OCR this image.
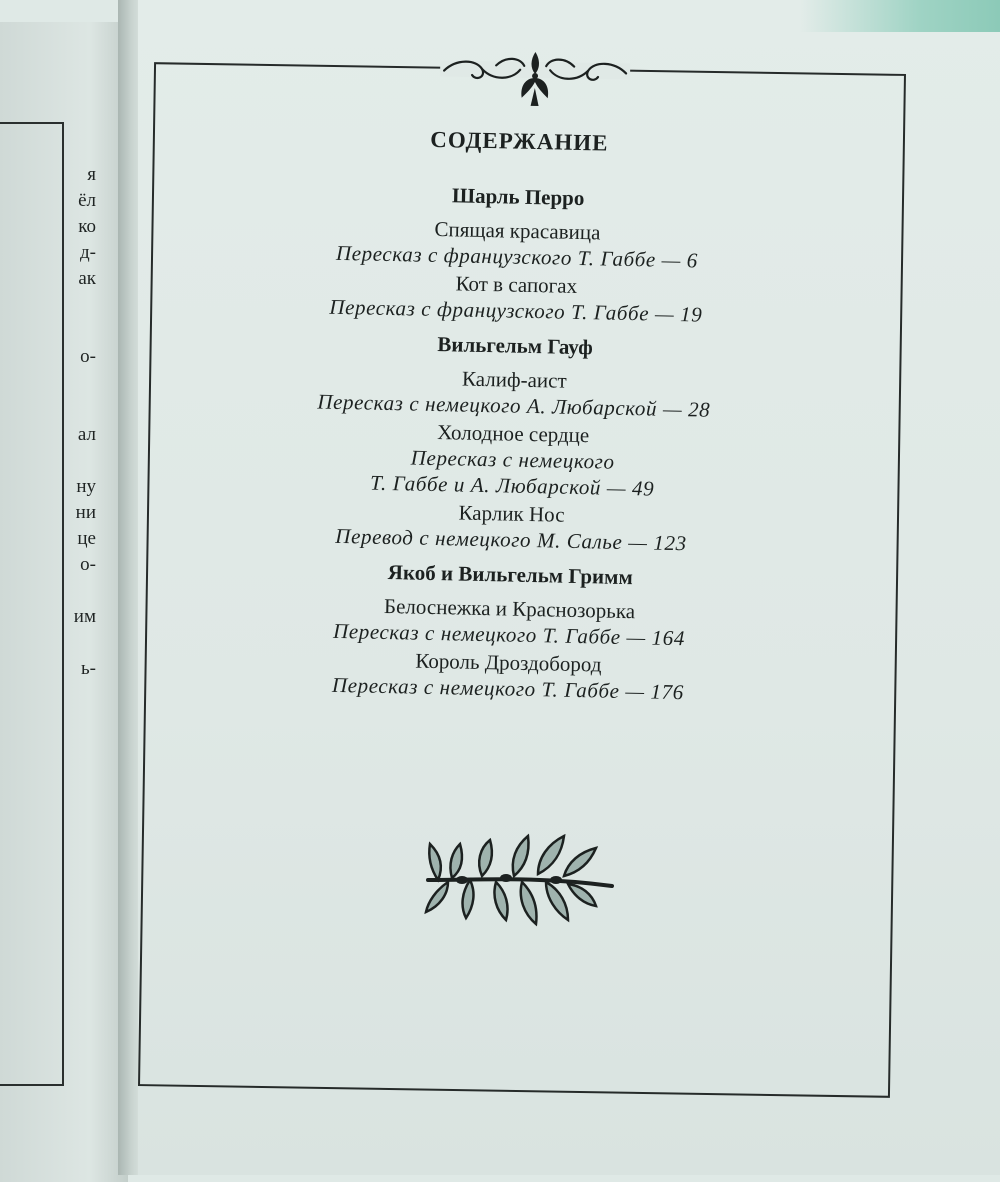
я
ёл
ко
д-
ак
о-
ал
ну
ни
це
о-
им
ь-
СОДЕРЖАНИЕ
Шарль Перро
Спящая красавица
Пересказ с французского Т. Габбе — 6
Кот в сапогах
Пересказ с французского Т. Габбе — 19
Вильгельм Гауф
Калиф-аист
Пересказ с немецкого А. Любарской — 28
Холодное сердце
Пересказ с немецкого
Т. Габбе и А. Любарской — 49
Карлик Нос
Перевод с немецкого М. Салье — 123
Якоб и Вильгельм Гримм
Белоснежка и Краснозорька
Пересказ с немецкого Т. Габбе — 164
Король Дроздобород
Пересказ с немецкого Т. Габбе — 176
